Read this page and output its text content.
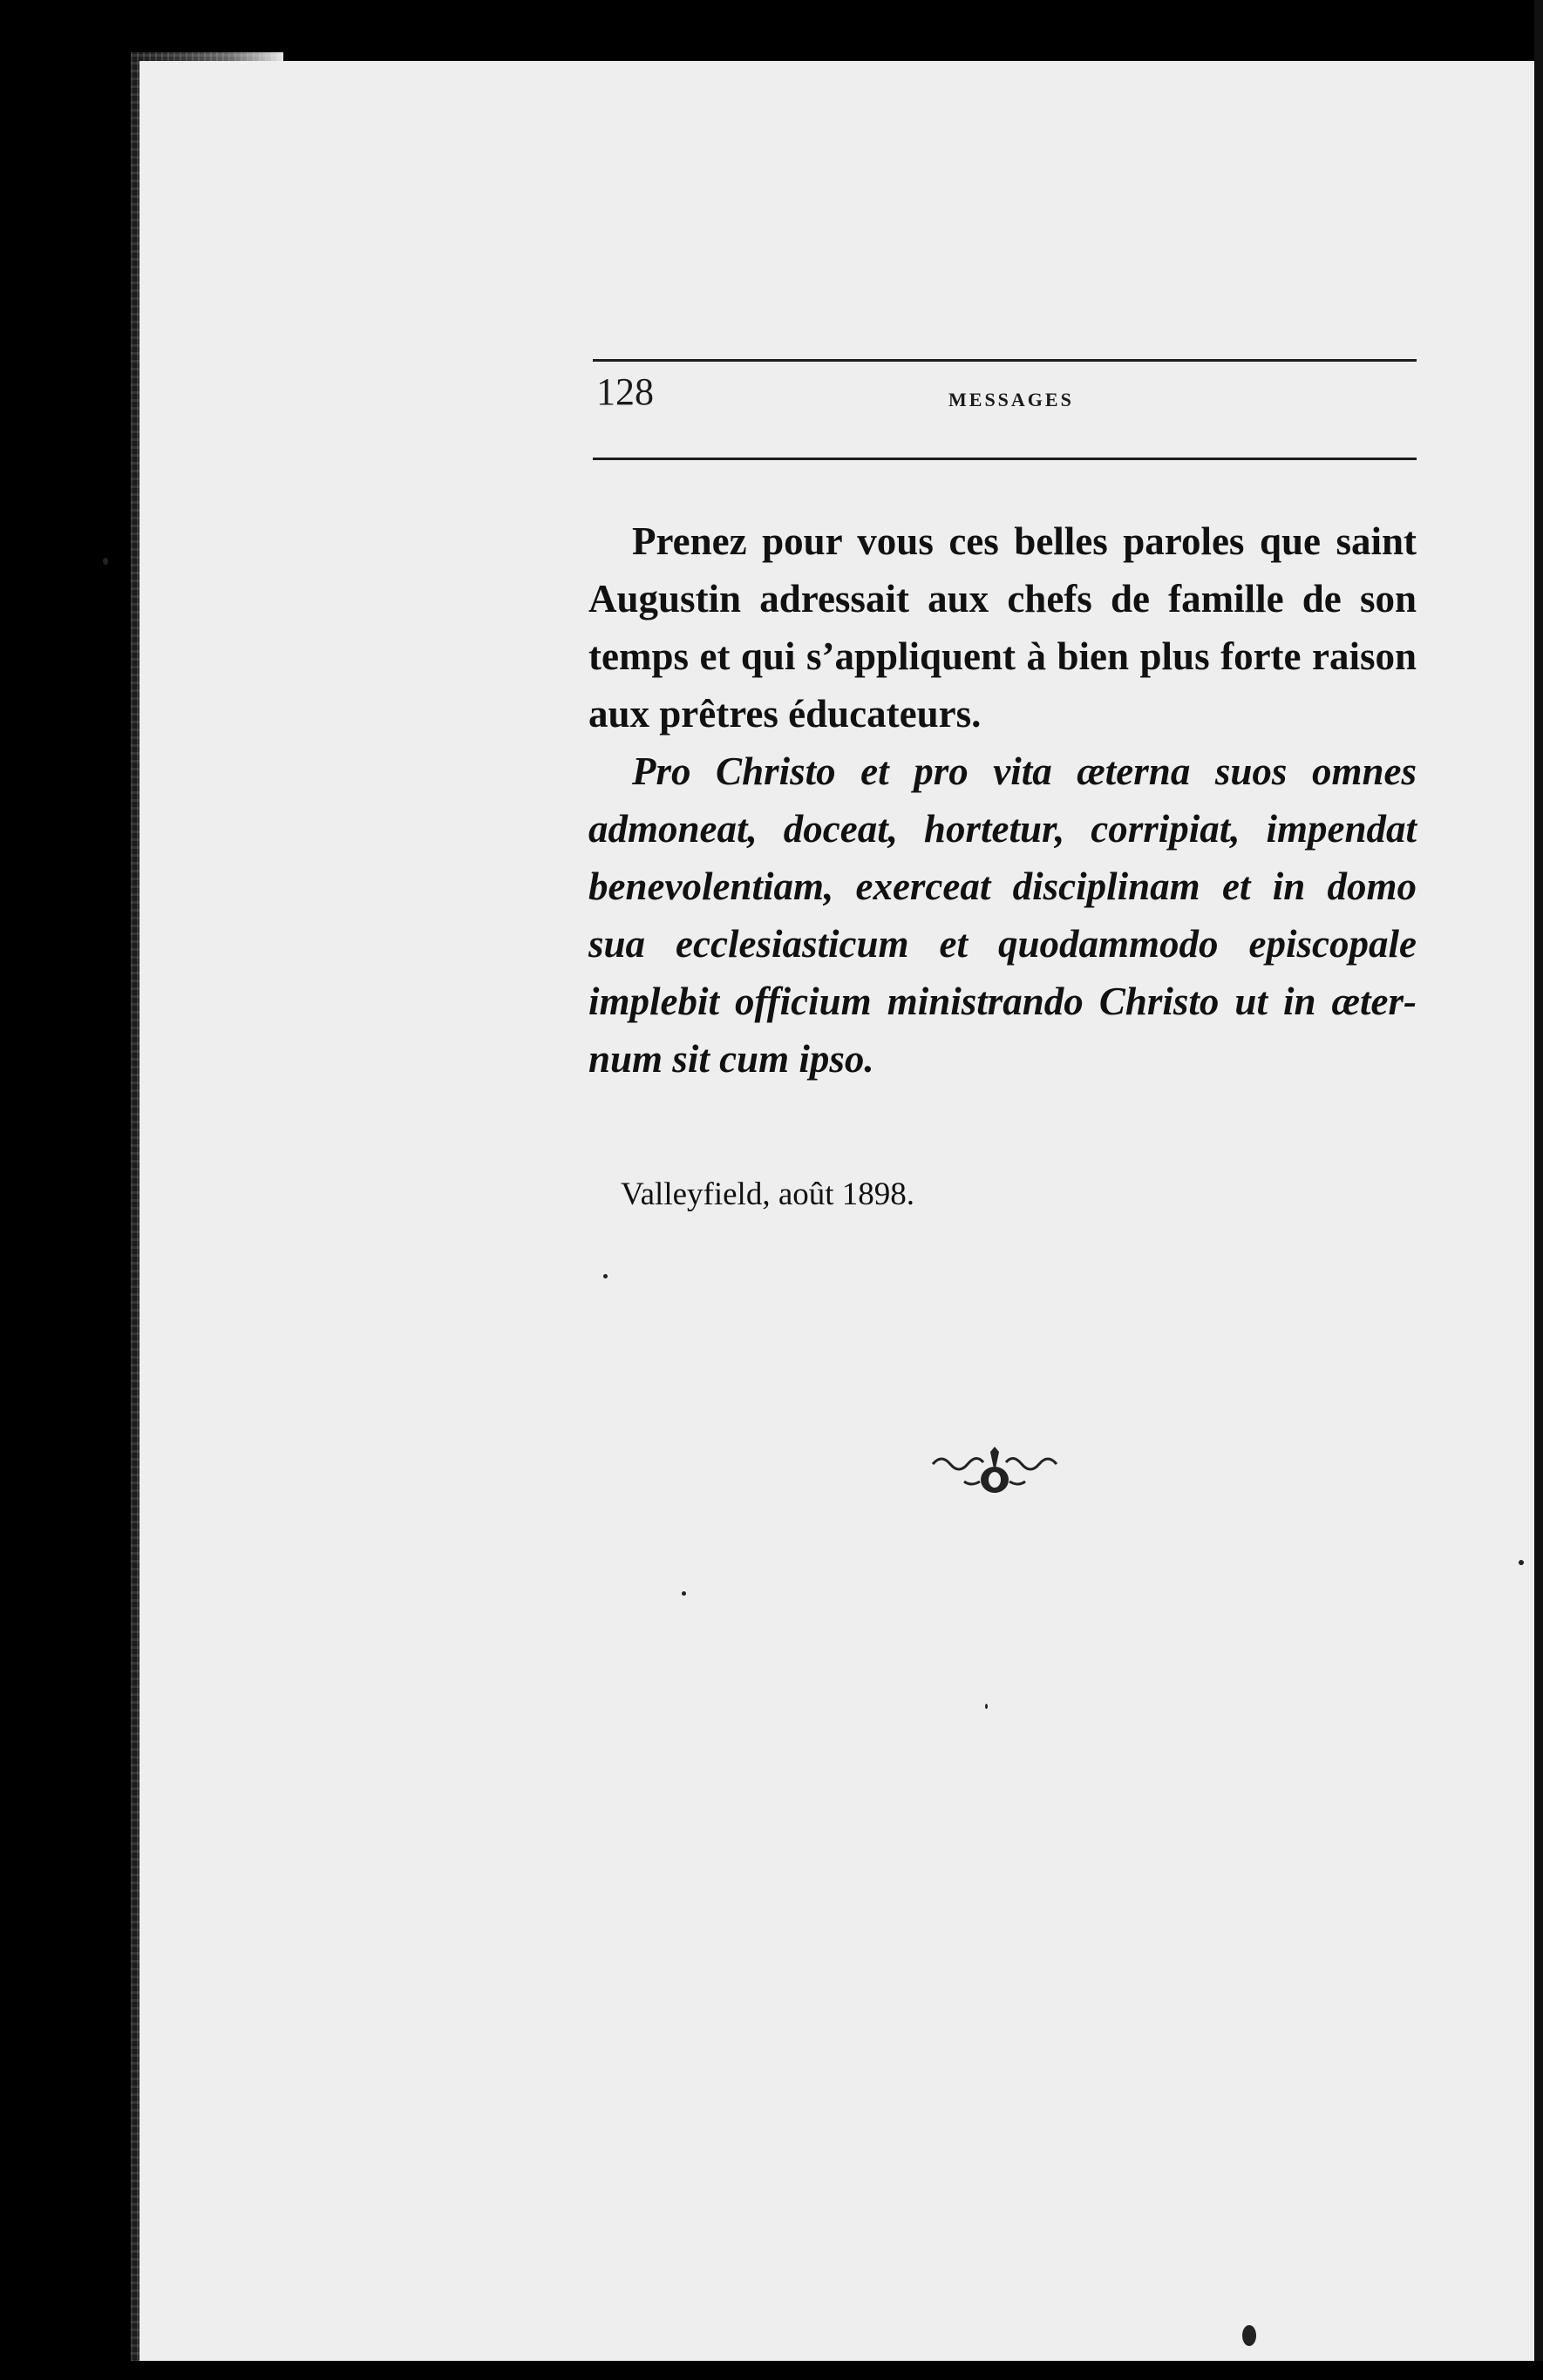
128	MESSAGES
Prenez pour vous ces belles paroles que saint
Augustin adressait aux chefs de famille de son
temps et qui s’appliquent à bien plus forte raison
aux prêtres éducateurs.
Pro Christo et pro vita æterna suos omnes
admoneat, doceat, hortetur, corripiat, impendat
benevolentiam, exerceat disciplinam et in domo
sua ecclesiasticum et quodammodo episcopale
implebit officium ministrando Christo ut in æter-
num sit cum ipso.
Valleyfield, août 1898.
